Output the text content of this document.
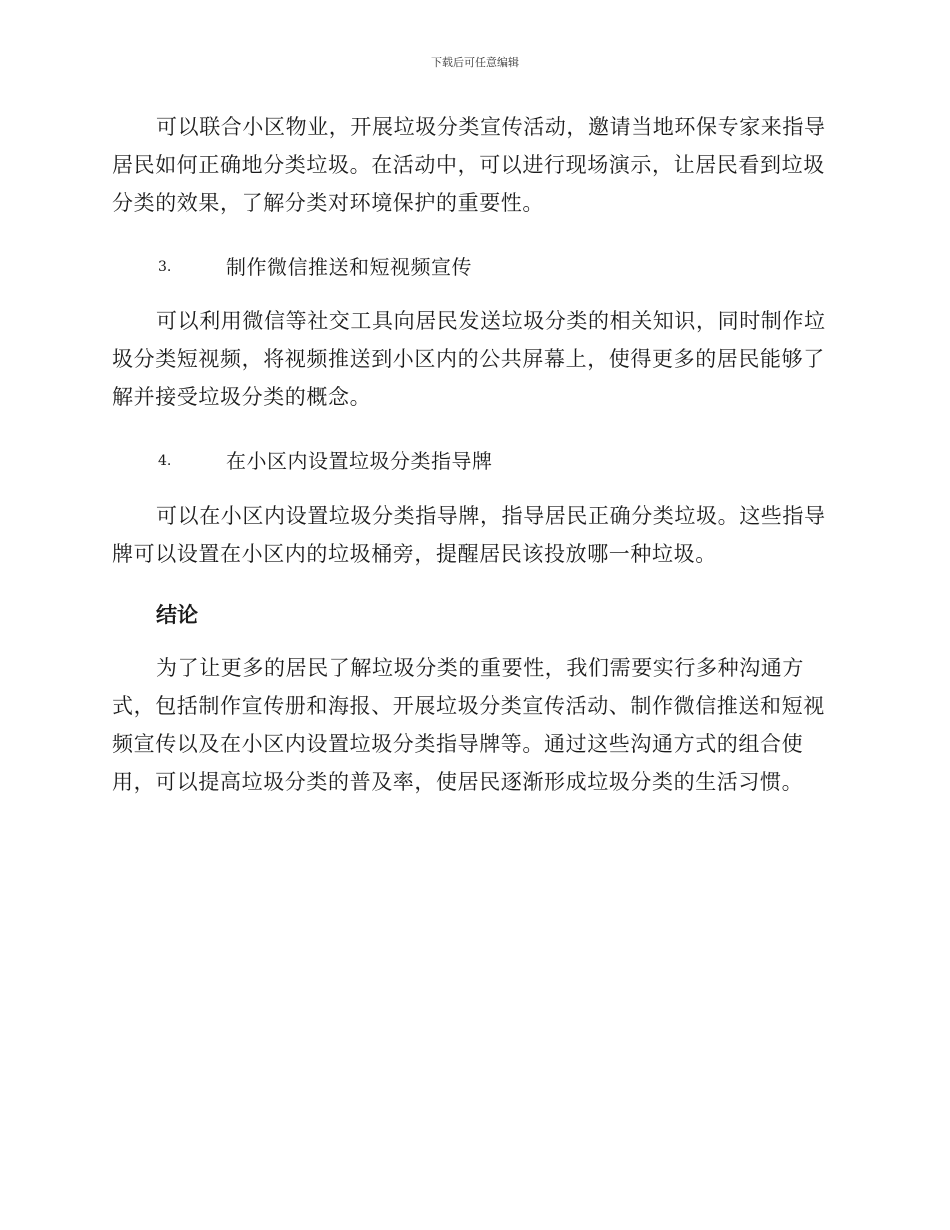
下载后可任意编辑

可以联合小区物业，开展垃圾分类宣传活动，邀请当地环保专家来指导居民如何正确地分类垃圾。在活动中，可以进行现场演示，让居民看到垃圾分类的效果，了解分类对环境保护的重要性。

3.	制作微信推送和短视频宣传

可以利用微信等社交工具向居民发送垃圾分类的相关知识，同时制作垃圾分类短视频，将视频推送到小区内的公共屏幕上，使得更多的居民能够了解并接受垃圾分类的概念。

4.	在小区内设置垃圾分类指导牌

可以在小区内设置垃圾分类指导牌，指导居民正确分类垃圾。这些指导牌可以设置在小区内的垃圾桶旁，提醒居民该投放哪一种垃圾。

结论

为了让更多的居民了解垃圾分类的重要性，我们需要实行多种沟通方式，包括制作宣传册和海报、开展垃圾分类宣传活动、制作微信推送和短视频宣传以及在小区内设置垃圾分类指导牌等。通过这些沟通方式的组合使用，可以提高垃圾分类的普及率，使居民逐渐形成垃圾分类的生活习惯。
